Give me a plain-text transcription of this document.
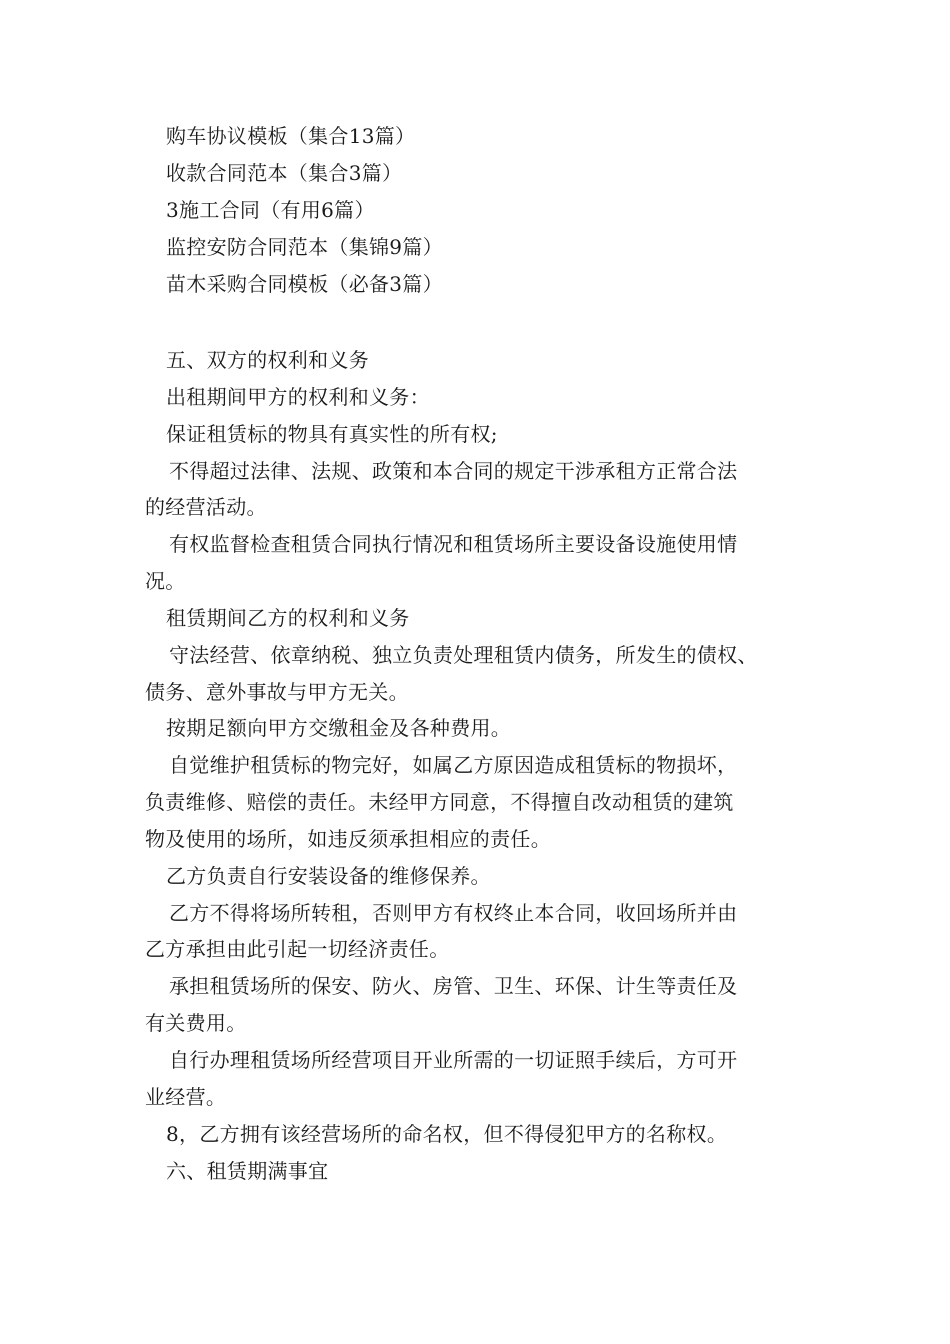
购车协议模板（集合13篇）
收款合同范本（集合3篇）
3施工合同（有用6篇）
监控安防合同范本（集锦9篇）
苗木采购合同模板（必备3篇）
五、双方的权利和义务
出租期间甲方的权利和义务：
保证租赁标的物具有真实性的所有权;
不得超过法律、法规、政策和本合同的规定干涉承租方正常合法
的经营活动。
有权监督检查租赁合同执行情况和租赁场所主要设备设施使用情
况。
租赁期间乙方的权利和义务
守法经营、依章纳税、独立负责处理租赁内债务，所发生的债权、
债务、意外事故与甲方无关。
按期足额向甲方交缴租金及各种费用。
自觉维护租赁标的物完好，如属乙方原因造成租赁标的物损坏，
负责维修、赔偿的责任。未经甲方同意，不得擅自改动租赁的建筑
物及使用的场所，如违反须承担相应的责任。
乙方负责自行安装设备的维修保养。
乙方不得将场所转租，否则甲方有权终止本合同，收回场所并由
乙方承担由此引起一切经济责任。
承担租赁场所的保安、防火、房管、卫生、环保、计生等责任及
有关费用。
自行办理租赁场所经营项目开业所需的一切证照手续后，方可开
业经营。
8，乙方拥有该经营场所的命名权，但不得侵犯甲方的名称权。
六、租赁期满事宜
